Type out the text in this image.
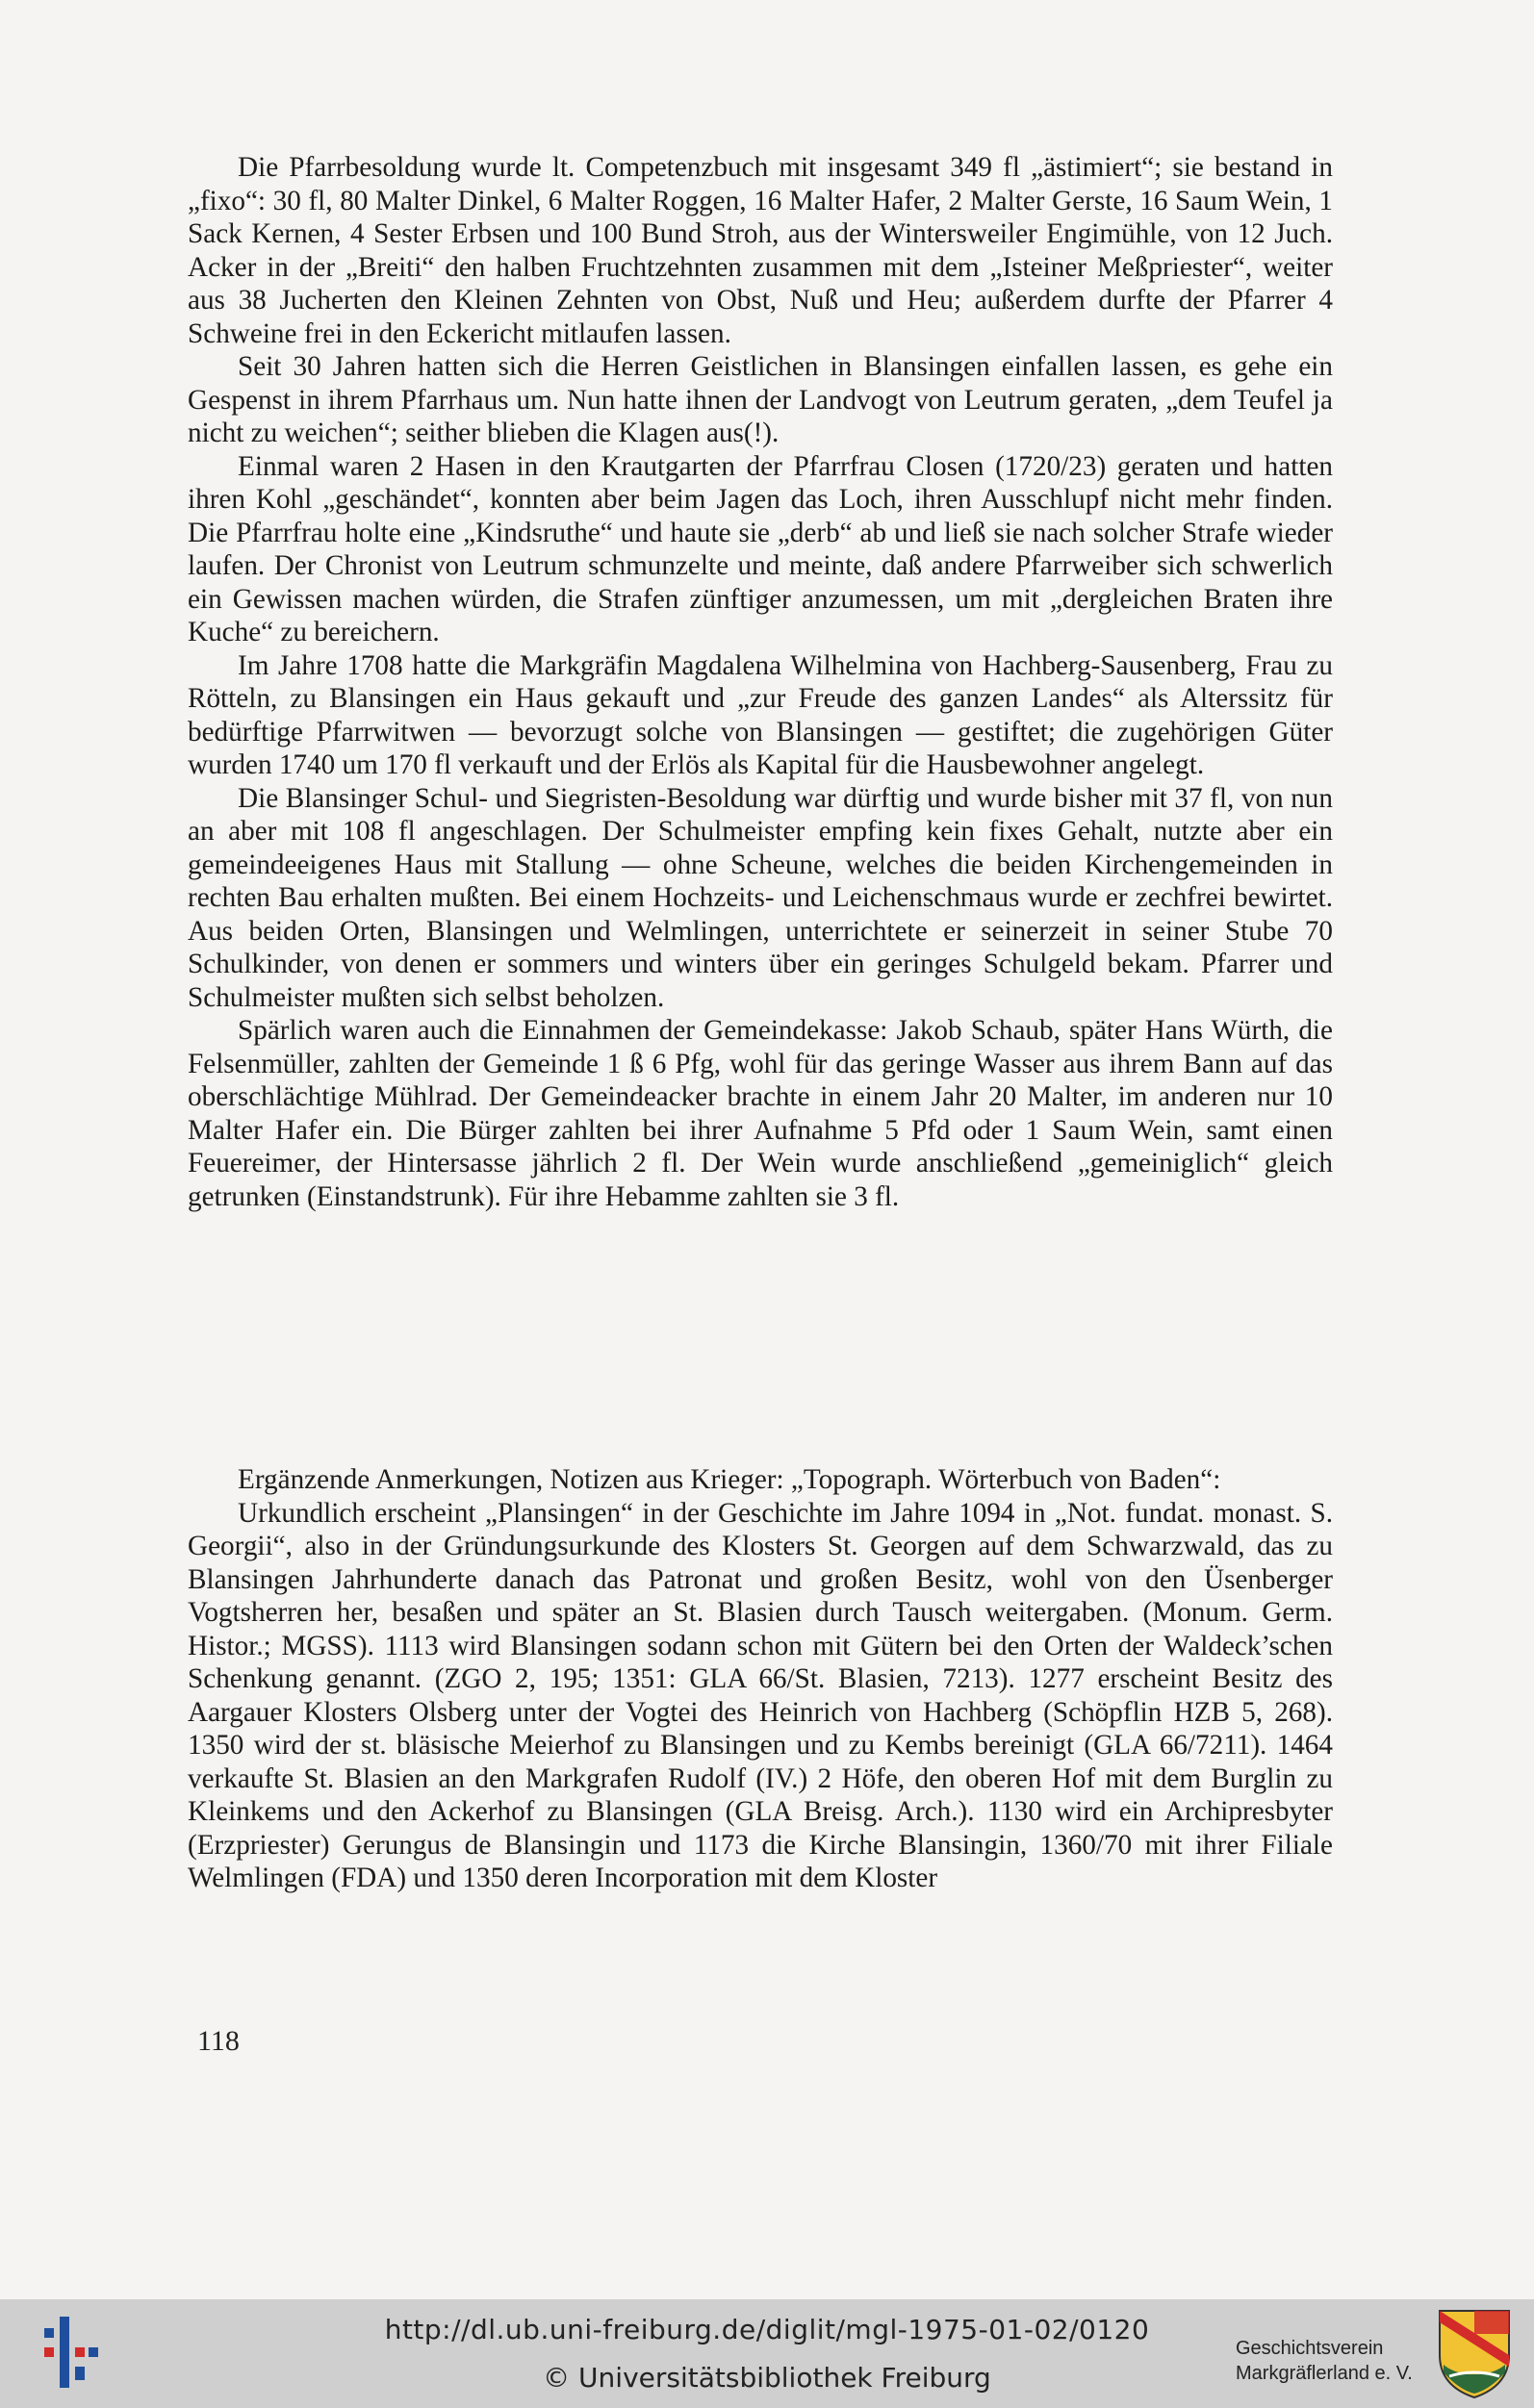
Die Pfarrbesoldung wurde lt. Competenzbuch mit insgesamt 349 fl „ästimiert“; sie bestand in „fixo“: 30 fl, 80 Malter Dinkel, 6 Malter Roggen, 16 Malter Hafer, 2 Malter Gerste, 16 Saum Wein, 1 Sack Kernen, 4 Sester Erbsen und 100 Bund Stroh, aus der Wintersweiler Engimühle, von 12 Juch. Acker in der „Breiti“ den halben Fruchtzehnten zusammen mit dem „Isteiner Meßpriester“, weiter aus 38 Jucherten den Kleinen Zehnten von Obst, Nuß und Heu; außerdem durfte der Pfarrer 4 Schweine frei in den Eckericht mitlaufen lassen.

Seit 30 Jahren hatten sich die Herren Geistlichen in Blansingen einfallen lassen, es gehe ein Gespenst in ihrem Pfarrhaus um. Nun hatte ihnen der Landvogt von Leutrum geraten, „dem Teufel ja nicht zu weichen“; seither blieben die Klagen aus(!).

Einmal waren 2 Hasen in den Krautgarten der Pfarrfrau Closen (1720/23) geraten und hatten ihren Kohl „geschändet“, konnten aber beim Jagen das Loch, ihren Ausschlupf nicht mehr finden. Die Pfarrfrau holte eine „Kindsruthe“ und haute sie „derb“ ab und ließ sie nach solcher Strafe wieder laufen. Der Chronist von Leutrum schmunzelte und meinte, daß andere Pfarrweiber sich schwerlich ein Gewissen machen würden, die Strafen zünftiger anzumessen, um mit „dergleichen Braten ihre Kuche“ zu bereichern.

Im Jahre 1708 hatte die Markgräfin Magdalena Wilhelmina von Hachberg-Sausenberg, Frau zu Rötteln, zu Blansingen ein Haus gekauft und „zur Freude des ganzen Landes“ als Alterssitz für bedürftige Pfarrwitwen — bevorzugt solche von Blansingen — gestiftet; die zugehörigen Güter wurden 1740 um 170 fl verkauft und der Erlös als Kapital für die Hausbewohner angelegt.

Die Blansinger Schul- und Siegristen-Besoldung war dürftig und wurde bisher mit 37 fl, von nun an aber mit 108 fl angeschlagen. Der Schulmeister empfing kein fixes Gehalt, nutzte aber ein gemeindeeigenes Haus mit Stallung — ohne Scheune, welches die beiden Kirchengemeinden in rechten Bau erhalten mußten. Bei einem Hochzeits- und Leichenschmaus wurde er zechfrei bewirtet. Aus beiden Orten, Blansingen und Welmlingen, unterrichtete er seinerzeit in seiner Stube 70 Schulkinder, von denen er sommers und winters über ein geringes Schulgeld bekam. Pfarrer und Schulmeister mußten sich selbst beholzen.

Spärlich waren auch die Einnahmen der Gemeindekasse: Jakob Schaub, später Hans Würth, die Felsenmüller, zahlten der Gemeinde 1 ß 6 Pfg, wohl für das geringe Wasser aus ihrem Bann auf das oberschlächtige Mühlrad. Der Gemeindeacker brachte in einem Jahr 20 Malter, im anderen nur 10 Malter Hafer ein. Die Bürger zahlten bei ihrer Aufnahme 5 Pfd oder 1 Saum Wein, samt einen Feuereimer, der Hintersasse jährlich 2 fl. Der Wein wurde anschließend „gemeiniglich“ gleich getrunken (Einstandstrunk). Für ihre Hebamme zahlten sie 3 fl.

Ergänzende Anmerkungen, Notizen aus Krieger: „Topograph. Wörterbuch von Baden“:

Urkundlich erscheint „Plansingen“ in der Geschichte im Jahre 1094 in „Not. fundat. monast. S. Georgii“, also in der Gründungsurkunde des Klosters St. Georgen auf dem Schwarzwald, das zu Blansingen Jahrhunderte danach das Patronat und großen Besitz, wohl von den Üsenberger Vogtsherren her, besaßen und später an St. Blasien durch Tausch weitergaben. (Monum. Germ. Histor.; MGSS). 1113 wird Blansingen sodann schon mit Gütern bei den Orten der Waldeck’schen Schenkung genannt. (ZGO 2, 195; 1351: GLA 66/St. Blasien, 7213). 1277 erscheint Besitz des Aargauer Klosters Olsberg unter der Vogtei des Heinrich von Hachberg (Schöpflin HZB 5, 268). 1350 wird der st. bläsische Meierhof zu Blansingen und zu Kembs bereinigt (GLA 66/7211). 1464 verkaufte St. Blasien an den Markgrafen Rudolf (IV.) 2 Höfe, den oberen Hof mit dem Burglin zu Kleinkems und den Ackerhof zu Blansingen (GLA Breisg. Arch.). 1130 wird ein Archipresbyter (Erzpriester) Gerungus de Blansingin und 1173 die Kirche Blansingin, 1360/70 mit ihrer Filiale Welmlingen (FDA) und 1350 deren Incorporation mit dem Kloster

118
http://dl.ub.uni-freiburg.de/diglit/mgl-1975-01-02/0120
© Universitätsbibliothek Freiburg
Geschichtsverein
Markgräflerland e. V.
